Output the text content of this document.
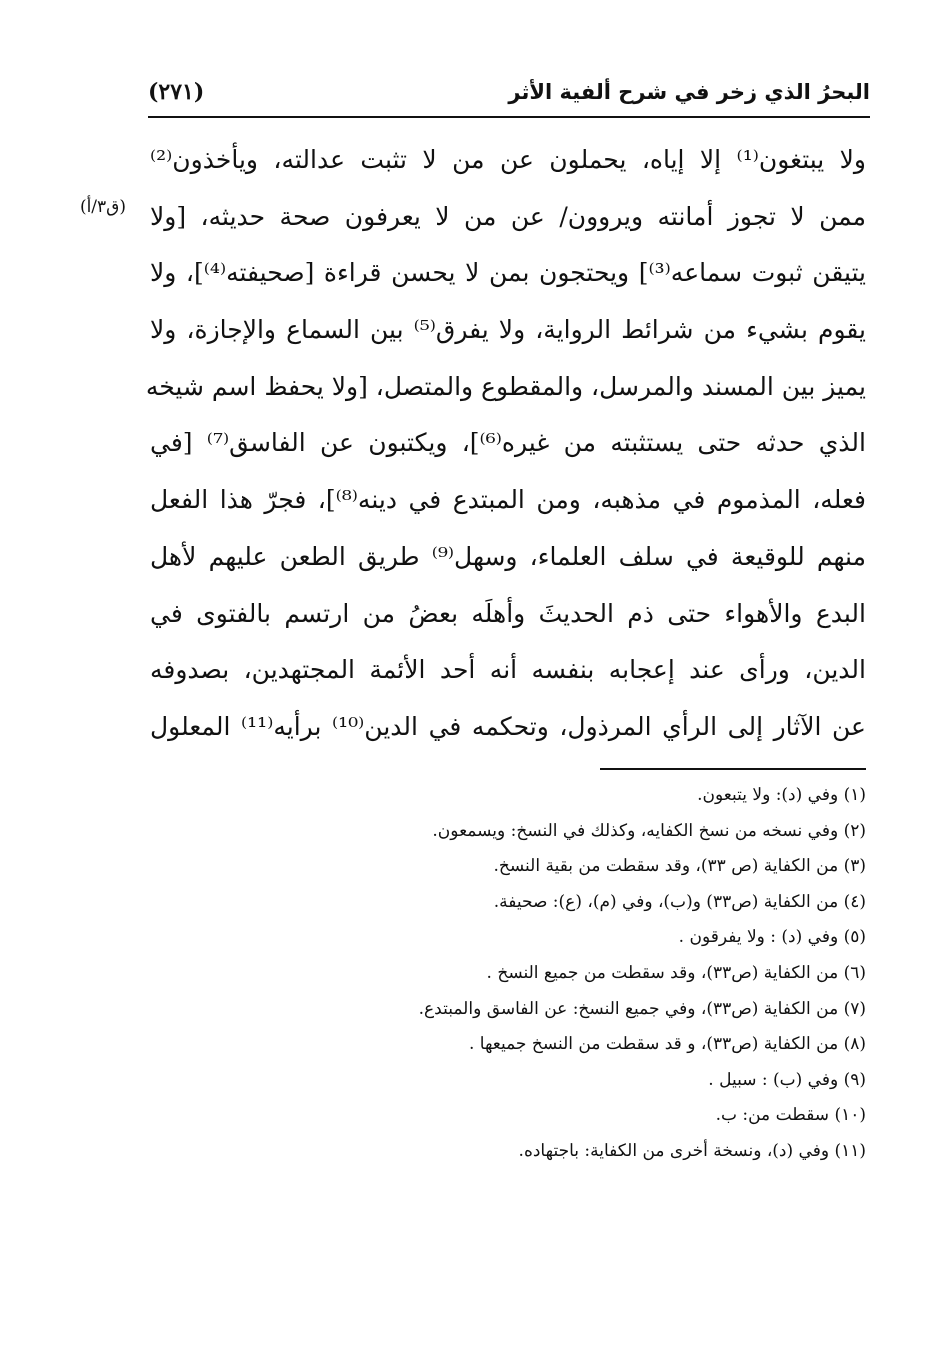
البحرُ الذي زخر في شرح ألفية الأثر
(٢٧١)
(ق٣/أ)
ولا يبتغون⁽¹⁾ إلا إياه، يحملون عن من لا تثبت عدالته، ويأخذون⁽²⁾
ممن لا تجوز أمانته ويروون/ عن من لا يعرفون صحة حديثه، [ولا
يتيقن ثبوت سماعه⁽³⁾] ويحتجون بمن لا يحسن قراءة [صحيفته⁽⁴⁾]، ولا
يقوم بشيء من شرائط الرواية، ولا يفرق⁽⁵⁾ بين السماع والإجازة، ولا
يميز بين المسند والمرسل، والمقطوع والمتصل، [ولا يحفظ اسم شيخه
الذي حدثه حتى يستثبته من غيره⁽⁶⁾]، ويكتبون عن الفاسق⁽⁷⁾ [في
فعله، المذموم في مذهبه، ومن المبتدع في دينه⁽⁸⁾]، فجرّ هذا الفعل
منهم للوقيعة في سلف العلماء، وسهل⁽⁹⁾ طريق الطعن عليهم لأهل
البدع والأهواء حتى ذم الحديثَ وأهلَه بعضُ من ارتسم بالفتوى في
الدين، ورأى عند إعجابه بنفسه أنه أحد الأئمة المجتهدين، بصدوفه
عن الآثار إلى الرأي المرذول، وتحكمه في الدين⁽¹⁰⁾ برأيه⁽¹¹⁾ المعلول
(١) وفي (د): ولا يتبعون.
(٢) وفي نسخه من نسخ الكفايه، وكذلك في النسخ: ويسمعون.
(٣) من الكفاية (ص ٣٣)، وقد سقطت من بقية النسخ.
(٤) من الكفاية (ص٣٣) و(ب)، وفي (م)، (ع): صحيفة.
(٥) وفي (د) : ولا يفرقون .
(٦) من الكفاية (ص٣٣)، وقد سقطت من جميع النسخ .
(٧) من الكفاية (ص٣٣)، وفي جميع النسخ: عن الفاسق والمبتدع.
(٨) من الكفاية (ص٣٣)، و قد سقطت من النسخ جميعها .
(٩) وفي (ب) : سبيل .
(١٠) سقطت من: ب.
(١١) وفي (د)، ونسخة أخرى من الكفاية: باجتهاده.
